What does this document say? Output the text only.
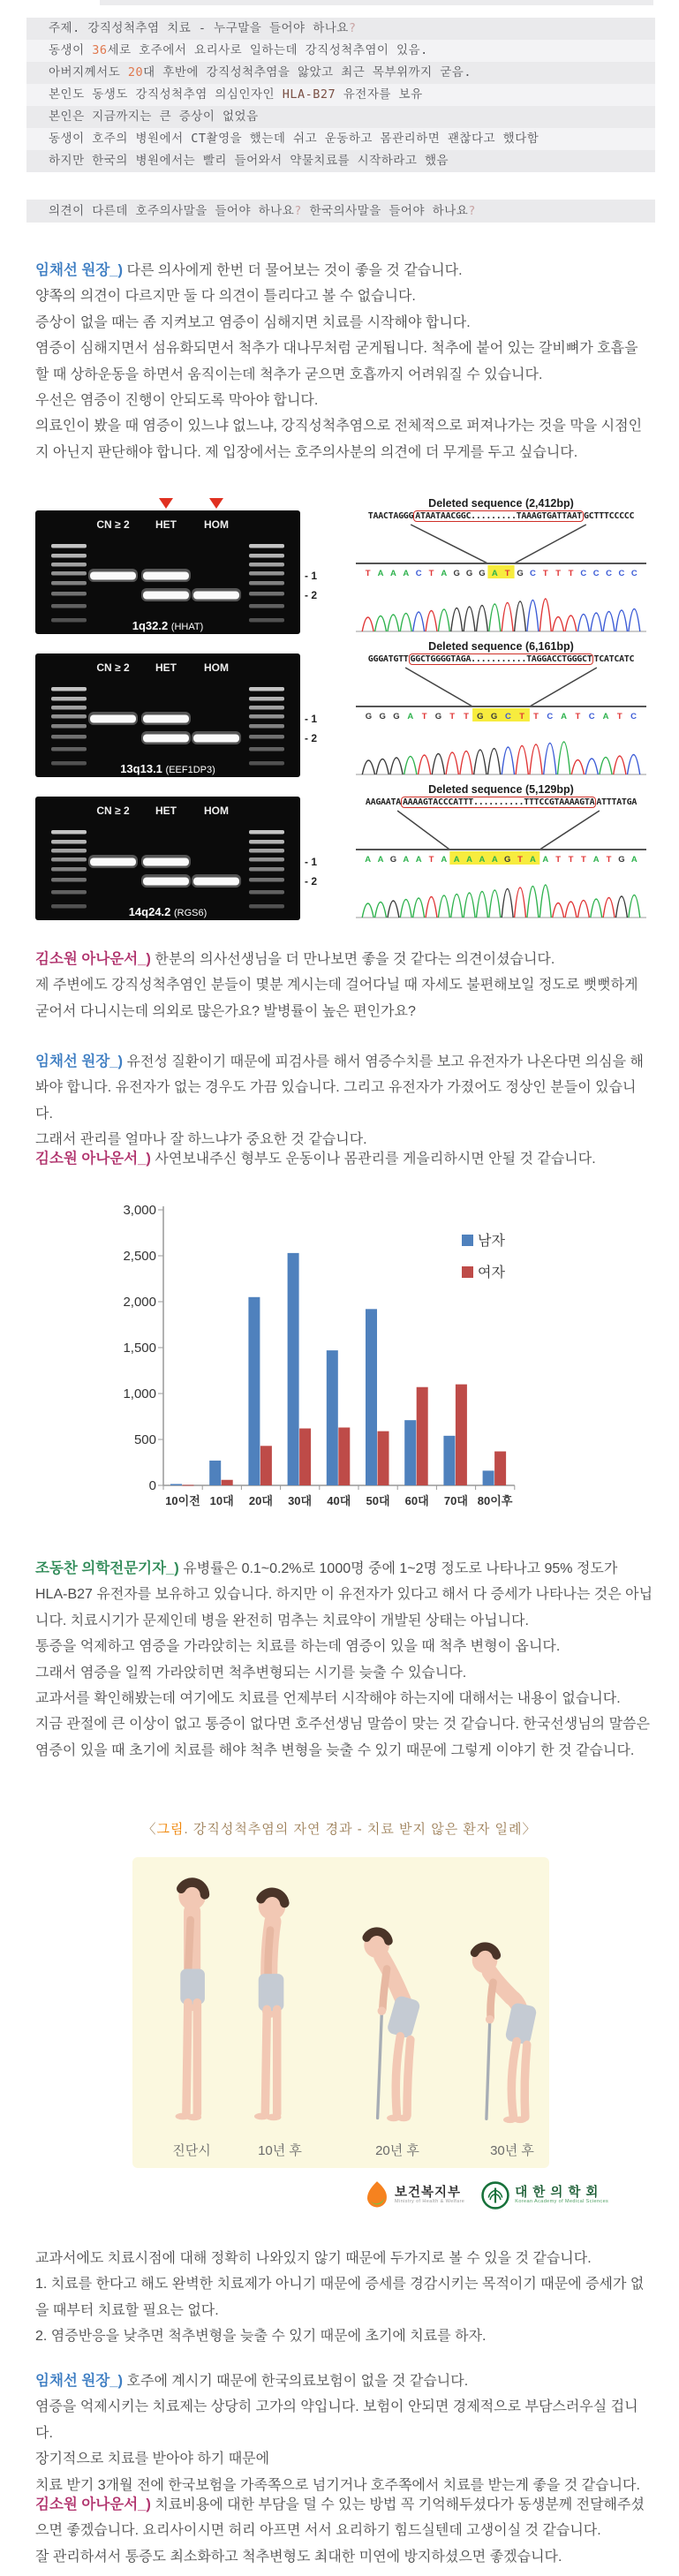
주제. 강직성척추염 치료 - 누구말을 들어야 하나요?
동생이 36세로 호주에서 요리사로 일하는데 강직성척추염이 있음.
아버지께서도 20대 후반에 강직성척추염을 앓았고 최근 목부위까지 굳음.
본인도 동생도 강직성척추염 의심인자인 HLA-B27 유전자를 보유
본인은 지금까지는 큰 증상이 없었음
동생이 호주의 병원에서 CT촬영을 했는데 쉬고 운동하고 몸관리하면 괜찮다고 했다함
하지만 한국의 병원에서는 빨리 들어와서 약물치료를 시작하라고 했음
의견이 다른데 호주의사말을 들어야 하나요? 한국의사말을 들어야 하나요?

임채선 원장_) 다른 의사에게 한번 더 물어보는 것이 좋을 것 같습니다.

양쪽의 의견이 다르지만 둘 다 의견이 틀리다고 볼 수 없습니다.

증상이 없을 때는 좀 지켜보고 염증이 심해지면 치료를 시작해야 합니다.

염증이 심해지면서 섬유화되면서 척추가 대나무처럼 굳게됩니다. 척추에 붙어 있는 갈비뼈가 호흡을 할 때 상하운동을 하면서 움직이는데 척추가 굳으면 호흡까지 어려워질 수 있습니다.

우선은 염증이 진행이 안되도록 막아야 합니다.

의료인이 봤을 때 염증이 있느냐 없느냐, 강직성척추염으로 전체적으로 퍼져나가는 것을 막을 시점인지 아닌지 판단해야 합니다. 제 입장에서는 호주의사분의 의견에 더 무게를 두고 싶습니다.

김소원 아나운서_) 한분의 의사선생님을 더 만나보면 좋을 것 같다는 의견이셨습니다.

제 주변에도 강직성척추염인 분들이 몇분 계시는데 걸어다닐 때 자세도 불편해보일 정도로 뻣뻣하게 굳어서 다니시는데 의외로 많은가요? 발병률이 높은 편인가요?

임채선 원장_) 유전성 질환이기 때문에 피검사를 해서 염증수치를 보고 유전자가 나온다면 의심을 해봐야 합니다. 유전자가 없는 경우도 가끔 있습니다. 그리고 유전자가 가졌어도 정상인 분들이 있습니다.

그래서 관리를 얼마나 잘 하느냐가 중요한 것 같습니다.

김소원 아나운서_) 사연보내주신 형부도 운동이나 몸관리를 게을리하시면 안될 것 같습니다.

조동찬 의학전문기자_) 유병률은 0.1~0.2%로 1000명 중에 1~2명 정도로 나타나고 95% 정도가 HLA-B27 유전자를 보유하고 있습니다. 하지만 이 유전자가 있다고 해서 다 증세가 나타나는 것은 아닙니다. 치료시기가 문제인데 병을 완전히 멈추는 치료약이 개발된 상태는 아닙니다.

통증을 억제하고 염증을 가라앉히는 치료를 하는데 염증이 있을 때 척추 변형이 옵니다.

그래서 염증을 일찍 가라앉히면 척추변형되는 시기를 늦출 수 있습니다.

교과서를 확인해봤는데 여기에도 치료를 언제부터 시작해야 하는지에 대해서는 내용이 없습니다.

지금 관절에 큰 이상이 없고 통증이 없다면 호주선생님 말씀이 맞는 것 같습니다. 한국선생님의 말씀은 염증이 있을 때 초기에 치료를 해야 척추 변형을 늦출 수 있기 때문에 그렇게 이야기 한 것 같습니다.

교과서에도 치료시점에 대해 정확히 나와있지 않기 때문에 두가지로 볼 수 있을 것 같습니다.

1. 치료를 한다고 해도 완벽한 치료제가 아니기 때문에 증세를 경감시키는 목적이기 때문에 증세가 없을 때부터 치료할 필요는 없다.

2. 염증반응을 낮추면 척추변형을 늦출 수 있기 때문에 초기에 치료를 하자.

임채선 원장_) 호주에 계시기 때문에 한국의료보험이 없을 것 같습니다.

염증을 억제시키는 치료제는 상당히 고가의 약입니다. 보험이 안되면 경제적으로 부담스러우실 겁니다.

장기적으로 치료를 받아야 하기 때문에

치료 받기 3개월 전에 한국보험을 가족쪽으로 넘기거나 호주쪽에서 치료를 받는게 좋을 것 같습니다.

김소원 아나운서_) 치료비용에 대한 부담을 덜 수 있는 방법 꼭 기억해두셨다가 동생분께 전달해주셨으면 좋겠습니다. 요리사이시면 허리 아프면 서서 요리하기 힘드실텐데 고생이실 것 같습니다.

잘 관리하셔서 통증도 최소화하고 척추변형도 최대한 미연에 방지하셨으면 좋겠습니다.

CN ≥ 2 HET	HOM
1q32.2 (HHAT)
- 1
- 2
Deleted sequence (2,412bp)
TAACTAGGG ATAATAACGGC.........TAAAGTGATTAAT GCTTTCCCCC
T A A A C T A G G G A T G C T T T C C C C C
CN ≥ 2 HET	HOM
13q13.1 (EEF1DP3)
- 1
- 2
Deleted sequence (6,161bp)
GGGATGTT GGCTGGGGTAGA...........TAGGACCTGGGCT TCATCATC
G G G A T G T T G G C T T C A T C A T C
CN ≥ 2 HET	HOM
14q24.2 (RGS6)
- 1
- 2
Deleted sequence (5,129bp)
AAGAATA AAAAGTACCCATTT..........TTTCCGTAAAAGTA ATTTATGA
A A G A A T A A A A A G T A A T T T A T G A
0
500
1,000
1,500
2,000
2,500
3,000
10이전 10대 20대 30대 40대 50대 60대 70대 80이후
남자
여자
〈그림. 강직성척추염의 자연 경과 - 치료 받지 않은 환자 일례〉
진단시	10년 후	20년 후	30년 후
보건복지부
Ministry of Health & Welfare
대 한 의 학 회
Korean Academy of Medical Sciences
